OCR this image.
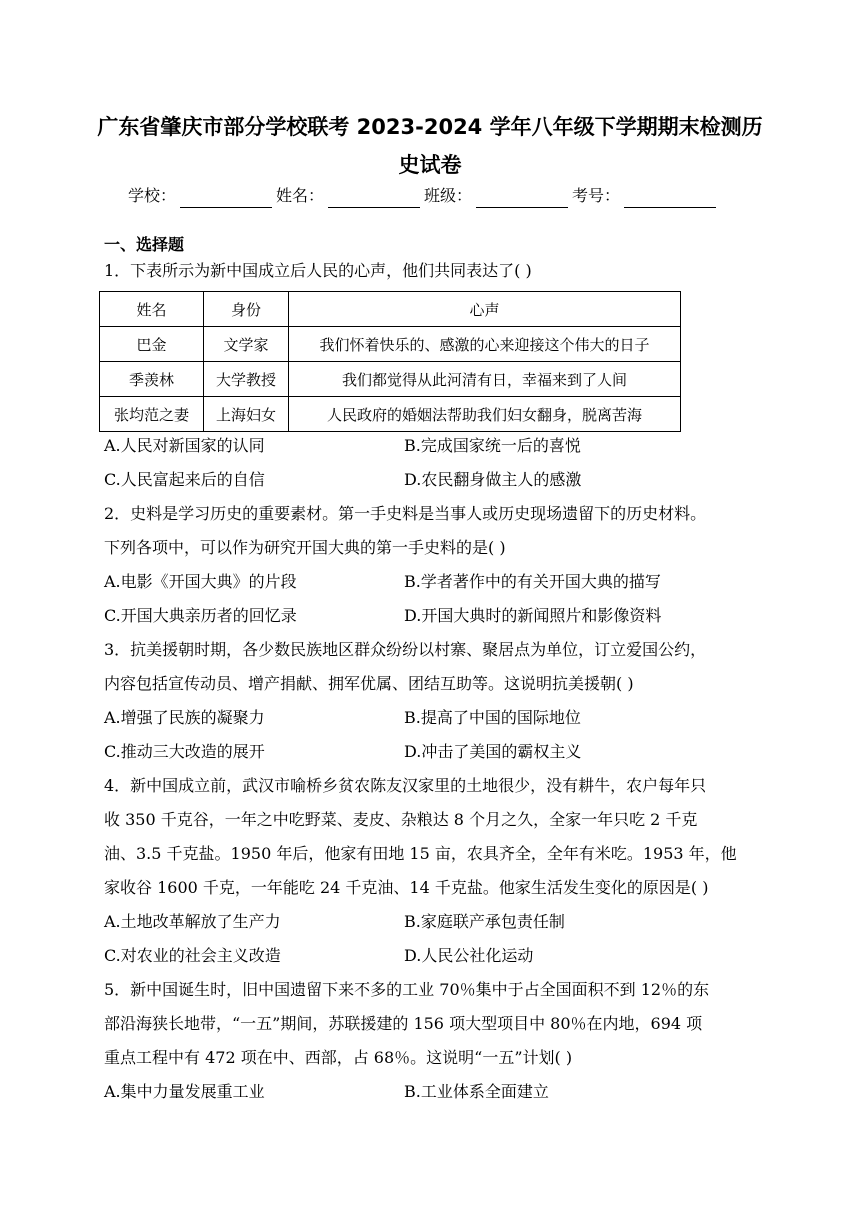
广东省肇庆市部分学校联考 2023-2024 学年八年级下学期期末检测历
史试卷
学校：	姓名：	班级：	考号：
一、选择题
1．下表所示为新中国成立后人民的心声，他们共同表达了( )
姓名	身份	心声
巴金	文学家	我们怀着快乐的、感激的心来迎接这个伟大的日子
季羡林	大学教授	我们都觉得从此河清有日，幸福来到了人间
张均范之妻	上海妇女	人民政府的婚姻法帮助我们妇女翻身，脱离苦海
A.人民对新国家的认同	B.完成国家统一后的喜悦
C.人民富起来后的自信	D.农民翻身做主人的感激
2．史料是学习历史的重要素材。第一手史料是当事人或历史现场遗留下的历史材料。
下列各项中，可以作为研究开国大典的第一手史料的是( )
A.电影《开国大典》的片段	B.学者著作中的有关开国大典的描写
C.开国大典亲历者的回忆录	D.开国大典时的新闻照片和影像资料
3．抗美援朝时期，各少数民族地区群众纷纷以村寨、聚居点为单位，订立爱国公约，
内容包括宣传动员、增产捐献、拥军优属、团结互助等。这说明抗美援朝( )
A.增强了民族的凝聚力	B.提高了中国的国际地位
C.推动三大改造的展开	D.冲击了美国的霸权主义
4．新中国成立前，武汉市喻桥乡贫农陈友汉家里的土地很少，没有耕牛，农户每年只
收 350 千克谷，一年之中吃野菜、麦皮、杂粮达 8 个月之久，全家一年只吃 2 千克
油、3.5 千克盐。1950 年后，他家有田地 15 亩，农具齐全，全年有米吃。1953 年，他
家收谷 1600 千克，一年能吃 24 千克油、14 千克盐。他家生活发生变化的原因是( )
A.土地改革解放了生产力	B.家庭联产承包责任制
C.对农业的社会主义改造	D.人民公社化运动
5．新中国诞生时，旧中国遗留下来不多的工业 70％集中于占全国面积不到 12％的东
部沿海狭长地带，“一五”期间，苏联援建的 156 项大型项目中 80％在内地，694 项
重点工程中有 472 项在中、西部，占 68％。这说明“一五”计划( )
A.集中力量发展重工业	B.工业体系全面建立
